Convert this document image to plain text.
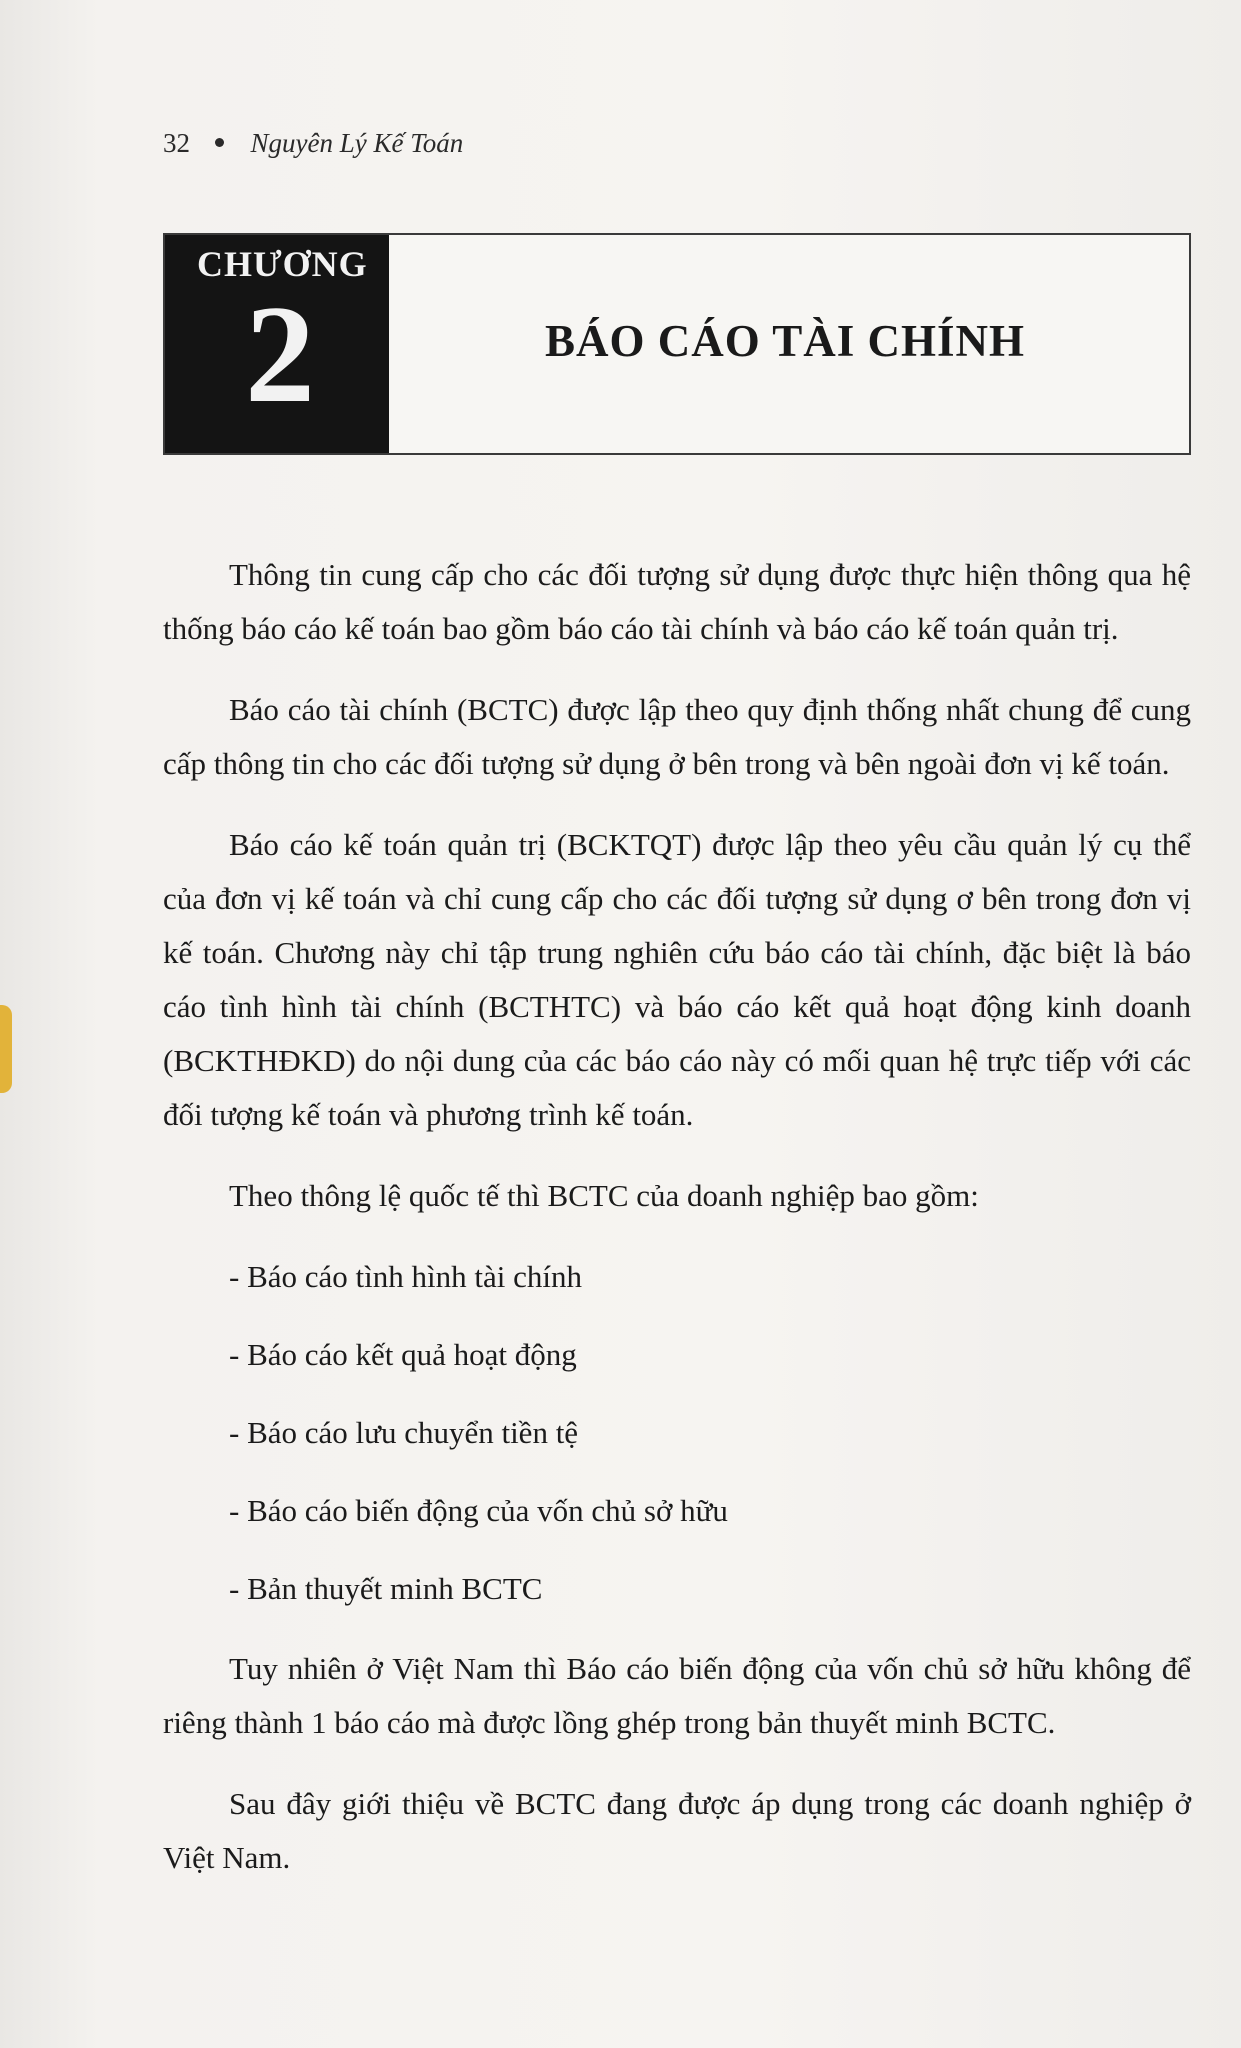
32 Nguyên Lý Kế Toán
CHƯƠNG
2	BÁO CÁO TÀI CHÍNH

Thông tin cung cấp cho các đối tượng sử dụng được thực hiện thông qua hệ thống báo cáo kế toán bao gồm báo cáo tài chính và báo cáo kế toán quản trị.

Báo cáo tài chính (BCTC) được lập theo quy định thống nhất chung để cung cấp thông tin cho các đối tượng sử dụng ở bên trong và bên ngoài đơn vị kế toán.

Báo cáo kế toán quản trị (BCKTQT) được lập theo yêu cầu quản lý cụ thể của đơn vị kế toán và chỉ cung cấp cho các đối tượng sử dụng ơ bên trong đơn vị kế toán. Chương này chỉ tập trung nghiên cứu báo cáo tài chính, đặc biệt là báo cáo tình hình tài chính (BCTHTC) và báo cáo kết quả hoạt động kinh doanh (BCKTHĐKD) do nội dung của các báo cáo này có mối quan hệ trực tiếp với các đối tượng kế toán và phương trình kế toán.

Theo thông lệ quốc tế thì BCTC của doanh nghiệp bao gồm:

- Báo cáo tình hình tài chính
- Báo cáo kết quả hoạt động
- Báo cáo lưu chuyển tiền tệ
- Báo cáo biến động của vốn chủ sở hữu
- Bản thuyết minh BCTC

Tuy nhiên ở Việt Nam thì Báo cáo biến động của vốn chủ sở hữu không để riêng thành 1 báo cáo mà được lồng ghép trong bản thuyết minh BCTC.

Sau đây giới thiệu về BCTC đang được áp dụng trong các doanh nghiệp ở Việt Nam.
